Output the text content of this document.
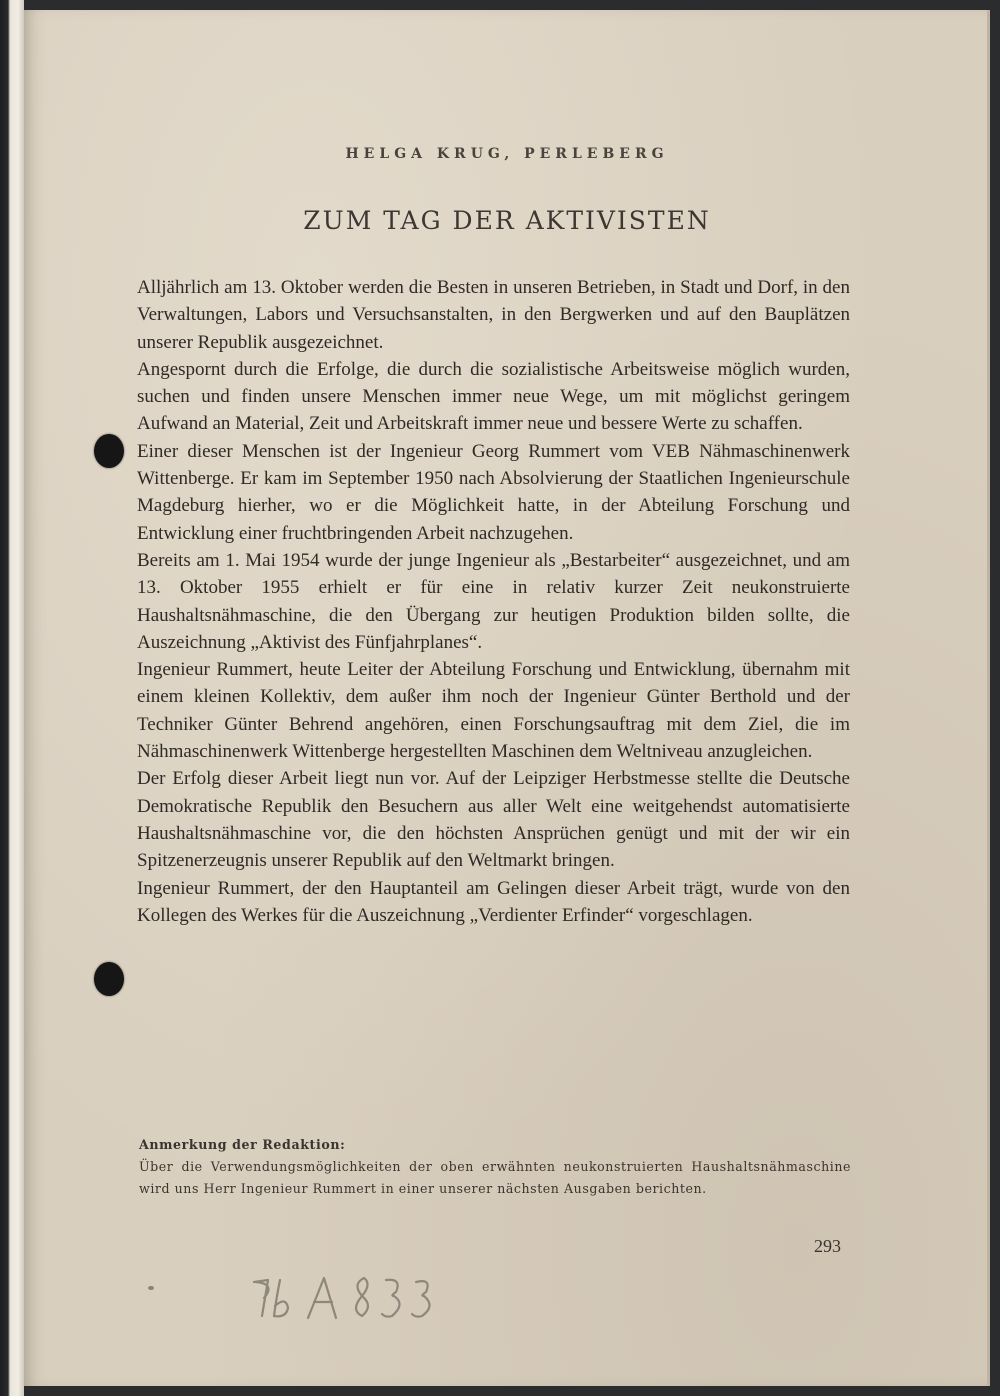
HELGA KRUG, PERLEBERG
ZUM TAG DER AKTIVISTEN

Alljährlich am 13. Oktober werden die Besten in unseren Betrieben, in Stadt und Dorf, in den Verwaltungen, Labors und Versuchsanstalten, in den Bergwerken und auf den Bauplätzen unserer Republik ausgezeichnet.

Angespornt durch die Erfolge, die durch die sozialistische Arbeitsweise möglich wurden, suchen und finden unsere Menschen immer neue Wege, um mit möglichst geringem Aufwand an Material, Zeit und Arbeitskraft immer neue und bessere Werte zu schaffen.

Einer dieser Menschen ist der Ingenieur Georg Rummert vom VEB Nähmaschinenwerk Wittenberge. Er kam im September 1950 nach Absolvierung der Staatlichen Ingenieurschule Magdeburg hierher, wo er die Möglichkeit hatte, in der Abteilung Forschung und Entwicklung einer fruchtbringenden Arbeit nachzugehen.

Bereits am 1. Mai 1954 wurde der junge Ingenieur als „Bestarbeiter“ ausgezeichnet, und am 13. Oktober 1955 erhielt er für eine in relativ kurzer Zeit neukonstruierte Haushaltsnähmaschine, die den Übergang zur heutigen Produktion bilden sollte, die Auszeichnung „Aktivist des Fünfjahrplanes“.

Ingenieur Rummert, heute Leiter der Abteilung Forschung und Entwicklung, übernahm mit einem kleinen Kollektiv, dem außer ihm noch der Ingenieur Günter Berthold und der Techniker Günter Behrend angehören, einen Forschungsauftrag mit dem Ziel, die im Nähmaschinenwerk Wittenberge hergestellten Maschinen dem Weltniveau anzugleichen.

Der Erfolg dieser Arbeit liegt nun vor. Auf der Leipziger Herbstmesse stellte die Deutsche Demokratische Republik den Besuchern aus aller Welt eine weitgehendst automatisierte Haushaltsnähmaschine vor, die den höchsten Ansprüchen genügt und mit der wir ein Spitzenerzeugnis unserer Republik auf den Weltmarkt bringen.

Ingenieur Rummert, der den Hauptanteil am Gelingen dieser Arbeit trägt, wurde von den Kollegen des Werkes für die Auszeichnung „Verdienter Erfinder“ vorgeschlagen.

Anmerkung der Redaktion:
Über die Verwendungsmöglichkeiten der oben erwähnten neukonstruierten Haushaltsnähmaschine wird uns Herr Ingenieur Rummert in einer unserer nächsten Ausgaben berichten.
293
